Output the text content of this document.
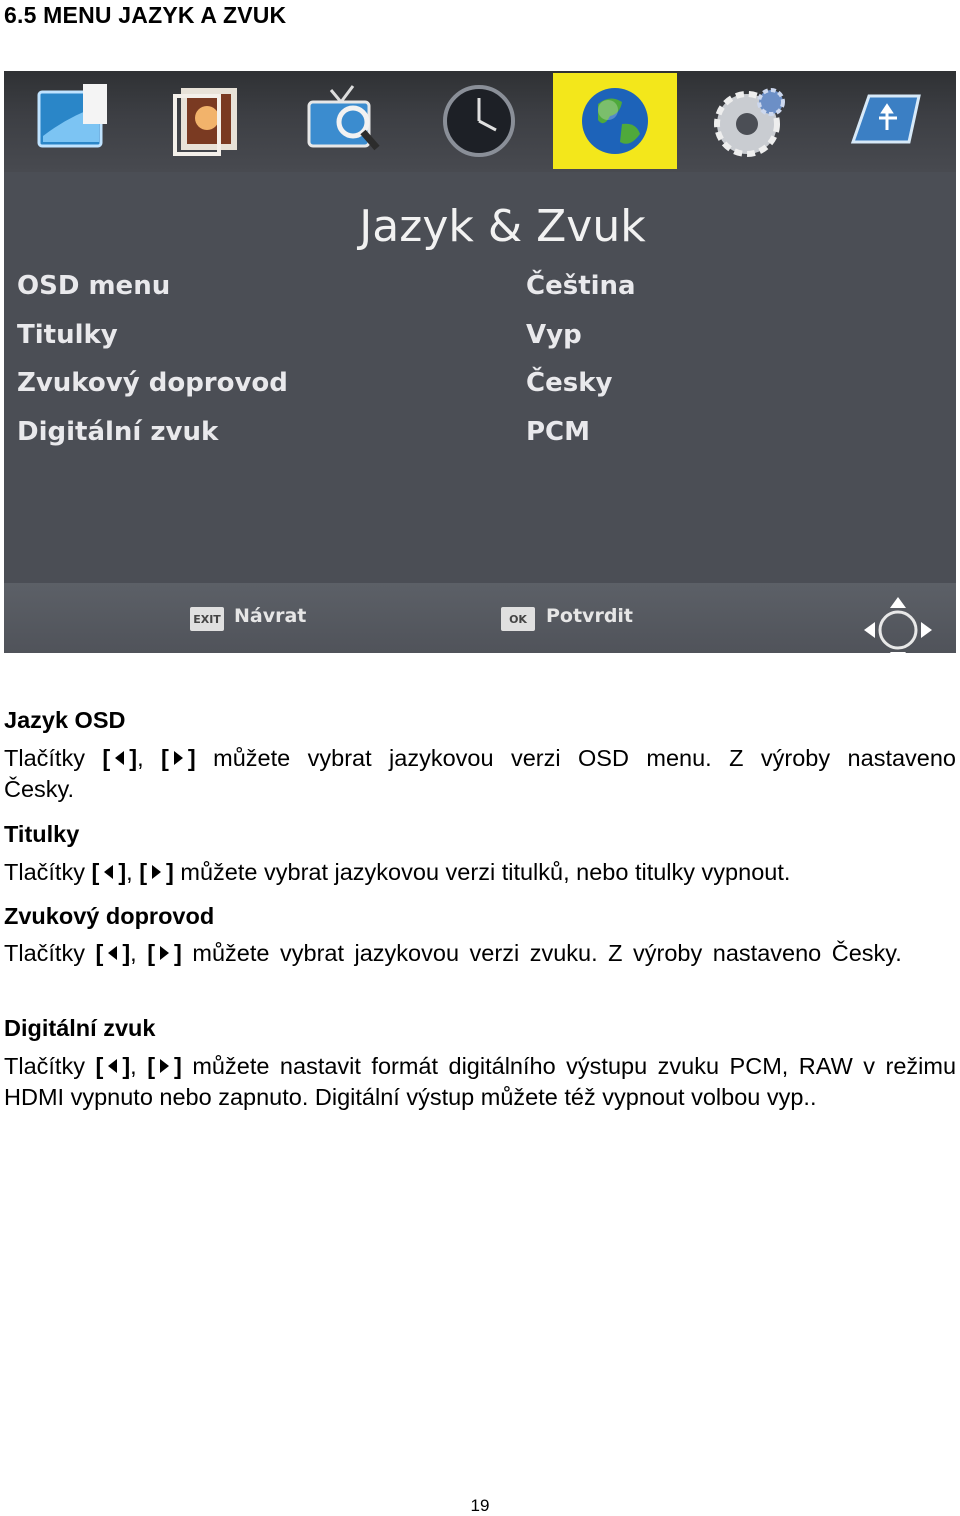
6.5 MENU JAZYK A ZVUK
Jazyk & Zvuk
OSD menu	Čeština
Titulky	Vyp
Zvukový doprovod	Česky
Digitální zvuk	PCM
EXIT Návrat	OK	Potvrdit
Jazyk OSD
Tlačítky [ ], [ ] můžete vybrat jazykovou verzi OSD menu. Z výroby nastaveno Česky.
Titulky
Tlačítky [ ], [ ] můžete vybrat jazykovou verzi titulků, nebo titulky vypnout.
Zvukový doprovod
Tlačítky [ ], [ ] můžete vybrat jazykovou verzi zvuku. Z výroby nastaveno Česky.
Digitální zvuk
Tlačítky [ ], [ ] můžete nastavit formát digitálního výstupu zvuku PCM, RAW v režimu HDMI vypnuto nebo zapnuto. Digitální výstup můžete též vypnout volbou vyp..
19
